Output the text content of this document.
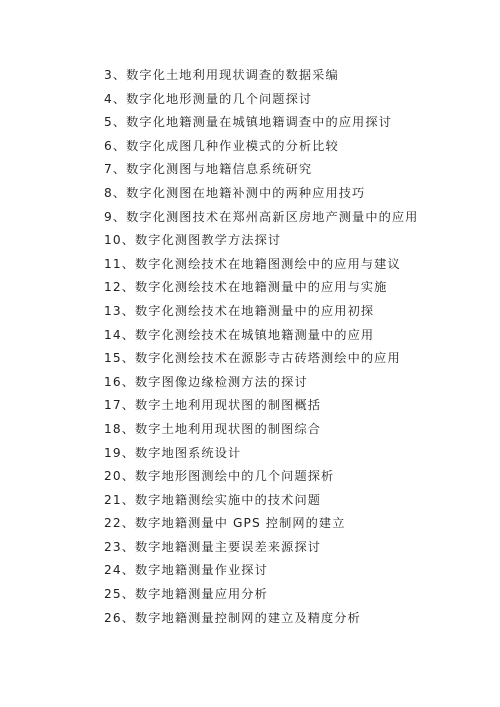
3、数字化土地利用现状调查的数据采编
4、数字化地形测量的几个问题探讨
5、数字化地籍测量在城镇地籍调查中的应用探讨
6、数字化成图几种作业模式的分析比较
7、数字化测图与地籍信息系统研究
8、数字化测图在地籍补测中的两种应用技巧
9、数字化测图技术在郑州高新区房地产测量中的应用
10、数字化测图教学方法探讨
11、数字化测绘技术在地籍图测绘中的应用与建议
12、数字化测绘技术在地籍测量中的应用与实施
13、数字化测绘技术在地籍测量中的应用初探
14、数字化测绘技术在城镇地籍测量中的应用
15、数字化测绘技术在源影寺古砖塔测绘中的应用
16、数字图像边缘检测方法的探讨
17、数字土地利用现状图的制图概括
18、数字土地利用现状图的制图综合
19、数字地图系统设计
20、数字地形图测绘中的几个问题探析
21、数字地籍测绘实施中的技术问题
22、数字地籍测量中 GPS 控制网的建立
23、数字地籍测量主要误差来源探讨
24、数字地籍测量作业探讨
25、数字地籍测量应用分析
26、数字地籍测量控制网的建立及精度分析
